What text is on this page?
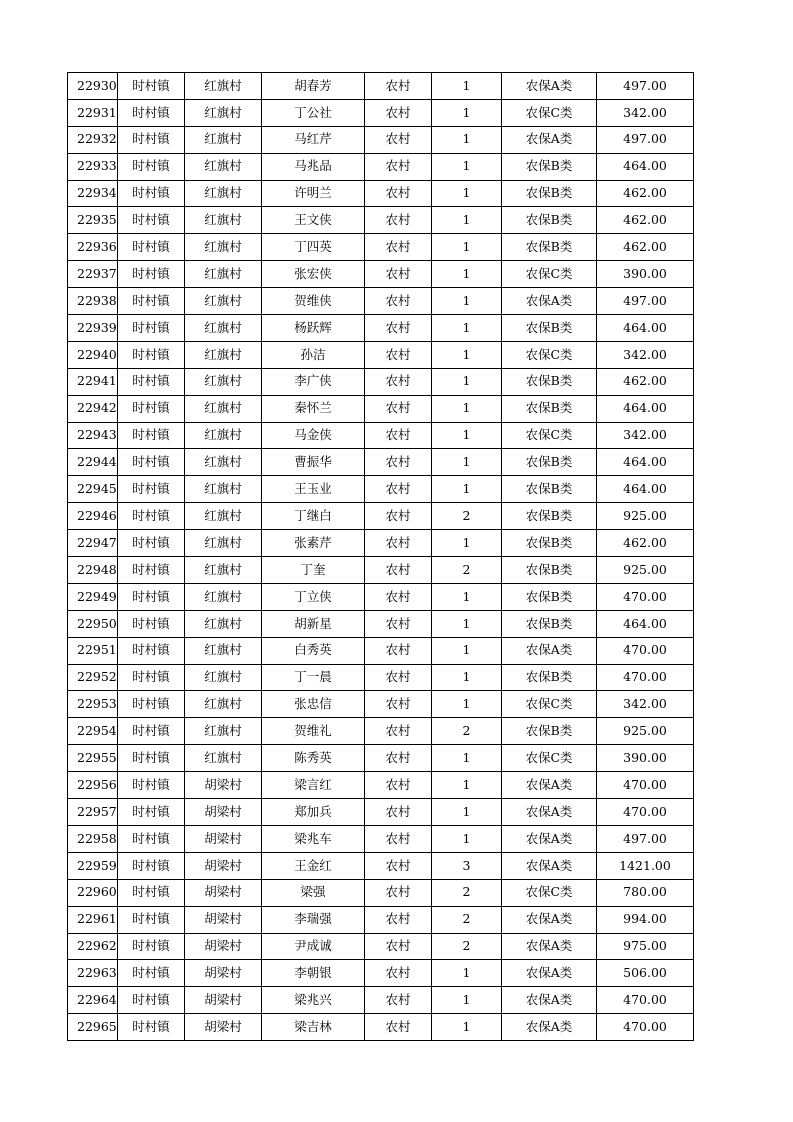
22930	时村镇	红旗村	胡春芳	农村	1	农保A类	497.00
22931	时村镇	红旗村	丁公社	农村	1	农保C类	342.00
22932	时村镇	红旗村	马红芹	农村	1	农保A类	497.00
22933	时村镇	红旗村	马兆品	农村	1	农保B类	464.00
22934	时村镇	红旗村	许明兰	农村	1	农保B类	462.00
22935	时村镇	红旗村	王文侠	农村	1	农保B类	462.00
22936	时村镇	红旗村	丁四英	农村	1	农保B类	462.00
22937	时村镇	红旗村	张宏侠	农村	1	农保C类	390.00
22938	时村镇	红旗村	贺维侠	农村	1	农保A类	497.00
22939	时村镇	红旗村	杨跃辉	农村	1	农保B类	464.00
22940	时村镇	红旗村	孙洁	农村	1	农保C类	342.00
22941	时村镇	红旗村	李广侠	农村	1	农保B类	462.00
22942	时村镇	红旗村	秦怀兰	农村	1	农保B类	464.00
22943	时村镇	红旗村	马金侠	农村	1	农保C类	342.00
22944	时村镇	红旗村	曹振华	农村	1	农保B类	464.00
22945	时村镇	红旗村	王玉业	农村	1	农保B类	464.00
22946	时村镇	红旗村	丁继白	农村	2	农保B类	925.00
22947	时村镇	红旗村	张素芹	农村	1	农保B类	462.00
22948	时村镇	红旗村	丁奎	农村	2	农保B类	925.00
22949	时村镇	红旗村	丁立侠	农村	1	农保B类	470.00
22950	时村镇	红旗村	胡新星	农村	1	农保B类	464.00
22951	时村镇	红旗村	白秀英	农村	1	农保A类	470.00
22952	时村镇	红旗村	丁一晨	农村	1	农保B类	470.00
22953	时村镇	红旗村	张忠信	农村	1	农保C类	342.00
22954	时村镇	红旗村	贺维礼	农村	2	农保B类	925.00
22955	时村镇	红旗村	陈秀英	农村	1	农保C类	390.00
22956	时村镇	胡梁村	梁言红	农村	1	农保A类	470.00
22957	时村镇	胡梁村	郑加兵	农村	1	农保A类	470.00
22958	时村镇	胡梁村	梁兆车	农村	1	农保A类	497.00
22959	时村镇	胡梁村	王金红	农村	3	农保A类	1421.00
22960	时村镇	胡梁村	梁强	农村	2	农保C类	780.00
22961	时村镇	胡梁村	李瑞强	农村	2	农保A类	994.00
22962	时村镇	胡梁村	尹成诚	农村	2	农保A类	975.00
22963	时村镇	胡梁村	李朝银	农村	1	农保A类	506.00
22964	时村镇	胡梁村	梁兆兴	农村	1	农保A类	470.00
22965	时村镇	胡梁村	梁吉林	农村	1	农保A类	470.00
